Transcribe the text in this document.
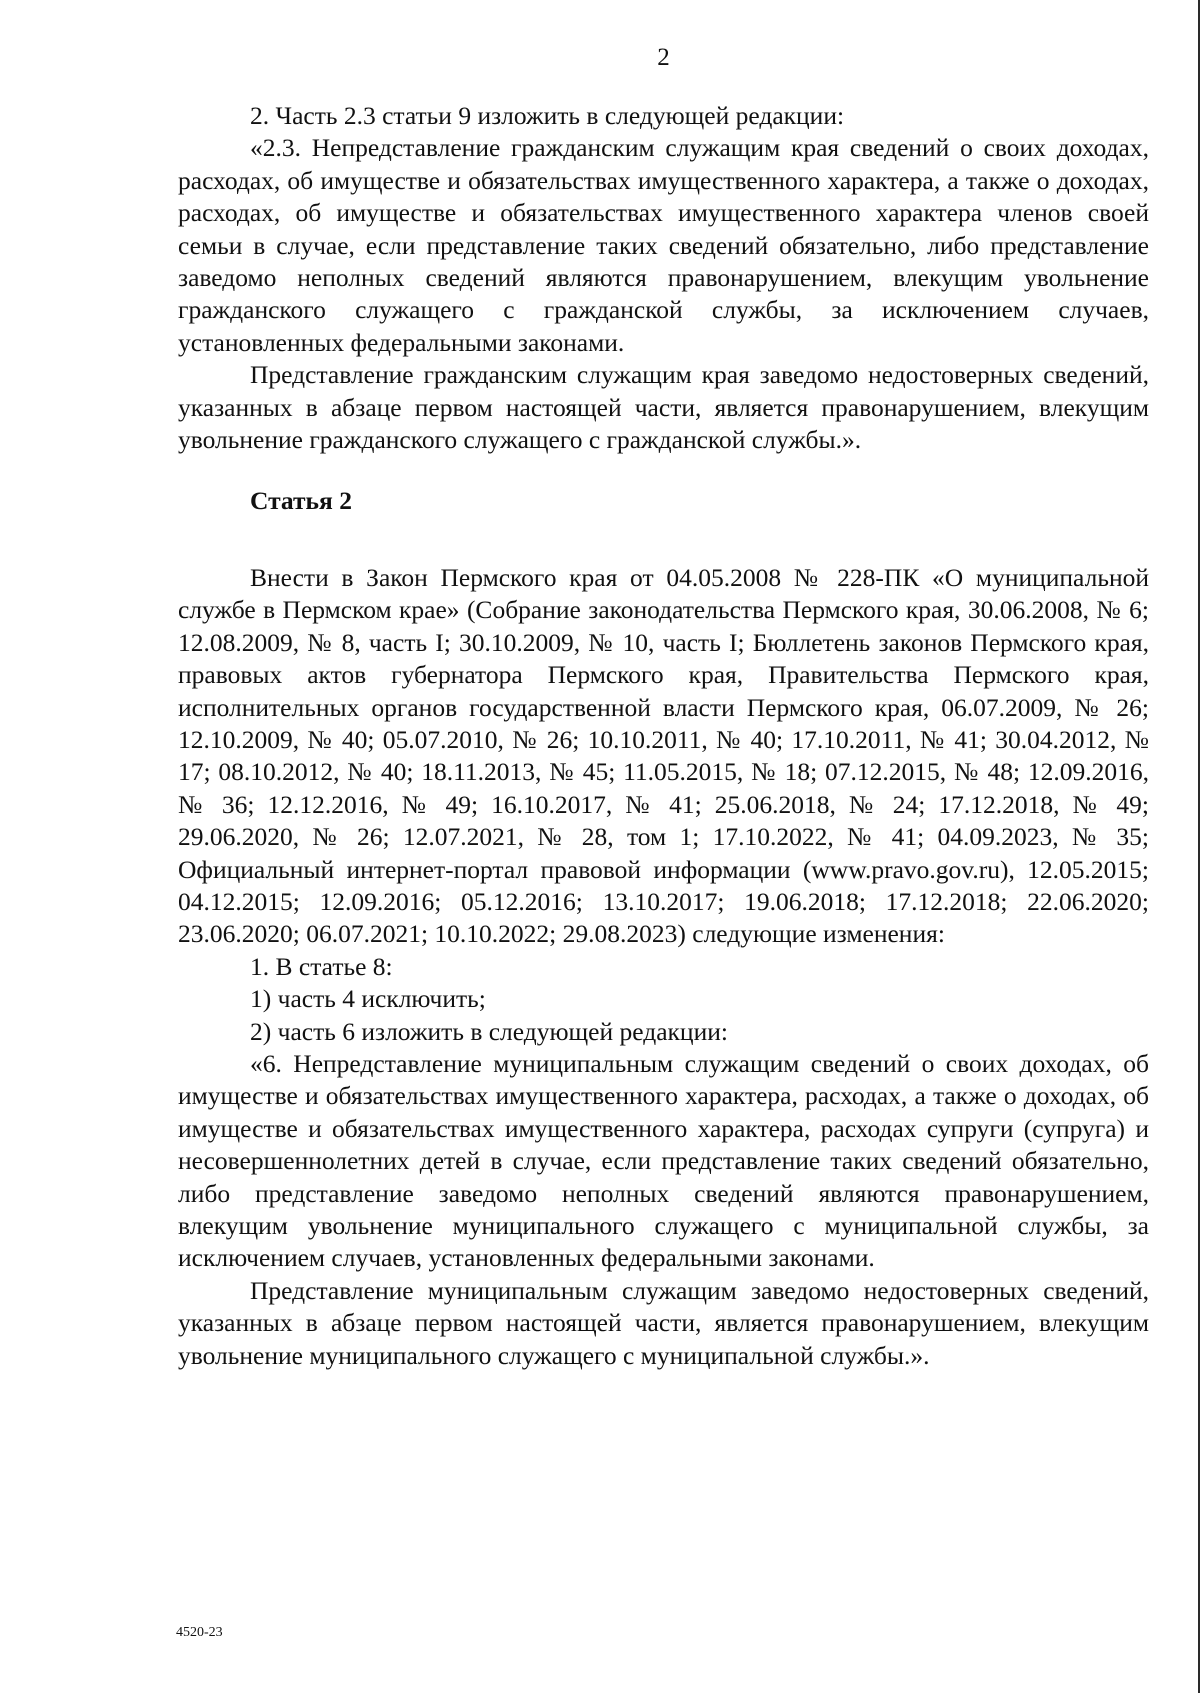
2

2. Часть 2.3 статьи 9 изложить в следующей редакции:

«2.3. Непредставление гражданским служащим края сведений о своих доходах, расходах, об имуществе и обязательствах имущественного характера, а также о доходах, расходах, об имуществе и обязательствах имущественного характера членов своей семьи в случае, если представление таких сведений обязательно, либо представление заведомо неполных сведений являются правонарушением, влекущим увольнение гражданского служащего с гражданской службы, за исключением случаев, установленных федеральными законами.

Представление гражданским служащим края заведомо недостоверных сведений, указанных в абзаце первом настоящей части, является правонарушением, влекущим увольнение гражданского служащего с гражданской службы.».

Статья 2

Внести в Закон Пермского края от 04.05.2008 № 228-ПК «О муниципальной службе в Пермском крае» (Собрание законодательства Пермского края, 30.06.2008, № 6; 12.08.2009, № 8, часть I; 30.10.2009, № 10, часть I; Бюллетень законов Пермского края, правовых актов губернатора Пермского края, Правительства Пермского края, исполнительных органов государственной власти Пермского края, 06.07.2009, № 26; 12.10.2009, № 40; 05.07.2010, № 26; 10.10.2011, № 40; 17.10.2011, № 41; 30.04.2012, № 17; 08.10.2012, № 40; 18.11.2013, № 45; 11.05.2015, № 18; 07.12.2015, № 48; 12.09.2016, № 36; 12.12.2016, № 49; 16.10.2017, № 41; 25.06.2018, № 24; 17.12.2018, № 49; 29.06.2020, № 26; 12.07.2021, № 28, том 1; 17.10.2022, № 41; 04.09.2023, № 35; Официальный интернет-портал правовой информации (www.pravo.gov.ru), 12.05.2015; 04.12.2015; 12.09.2016; 05.12.2016; 13.10.2017; 19.06.2018; 17.12.2018; 22.06.2020; 23.06.2020; 06.07.2021; 10.10.2022; 29.08.2023) следующие изменения:

1. В статье 8:

1) часть 4 исключить;

2) часть 6 изложить в следующей редакции:

«6. Непредставление муниципальным служащим сведений о своих доходах, об имуществе и обязательствах имущественного характера, расходах, а также о доходах, об имуществе и обязательствах имущественного характера, расходах супруги (супруга) и несовершеннолетних детей в случае, если представление таких сведений обязательно, либо представление заведомо неполных сведений являются правонарушением, влекущим увольнение муниципального служащего с муниципальной службы, за исключением случаев, установленных федеральными законами.

Представление муниципальным служащим заведомо недостоверных сведений, указанных в абзаце первом настоящей части, является правонарушением, влекущим увольнение муниципального служащего с муниципальной службы.».

4520-23
